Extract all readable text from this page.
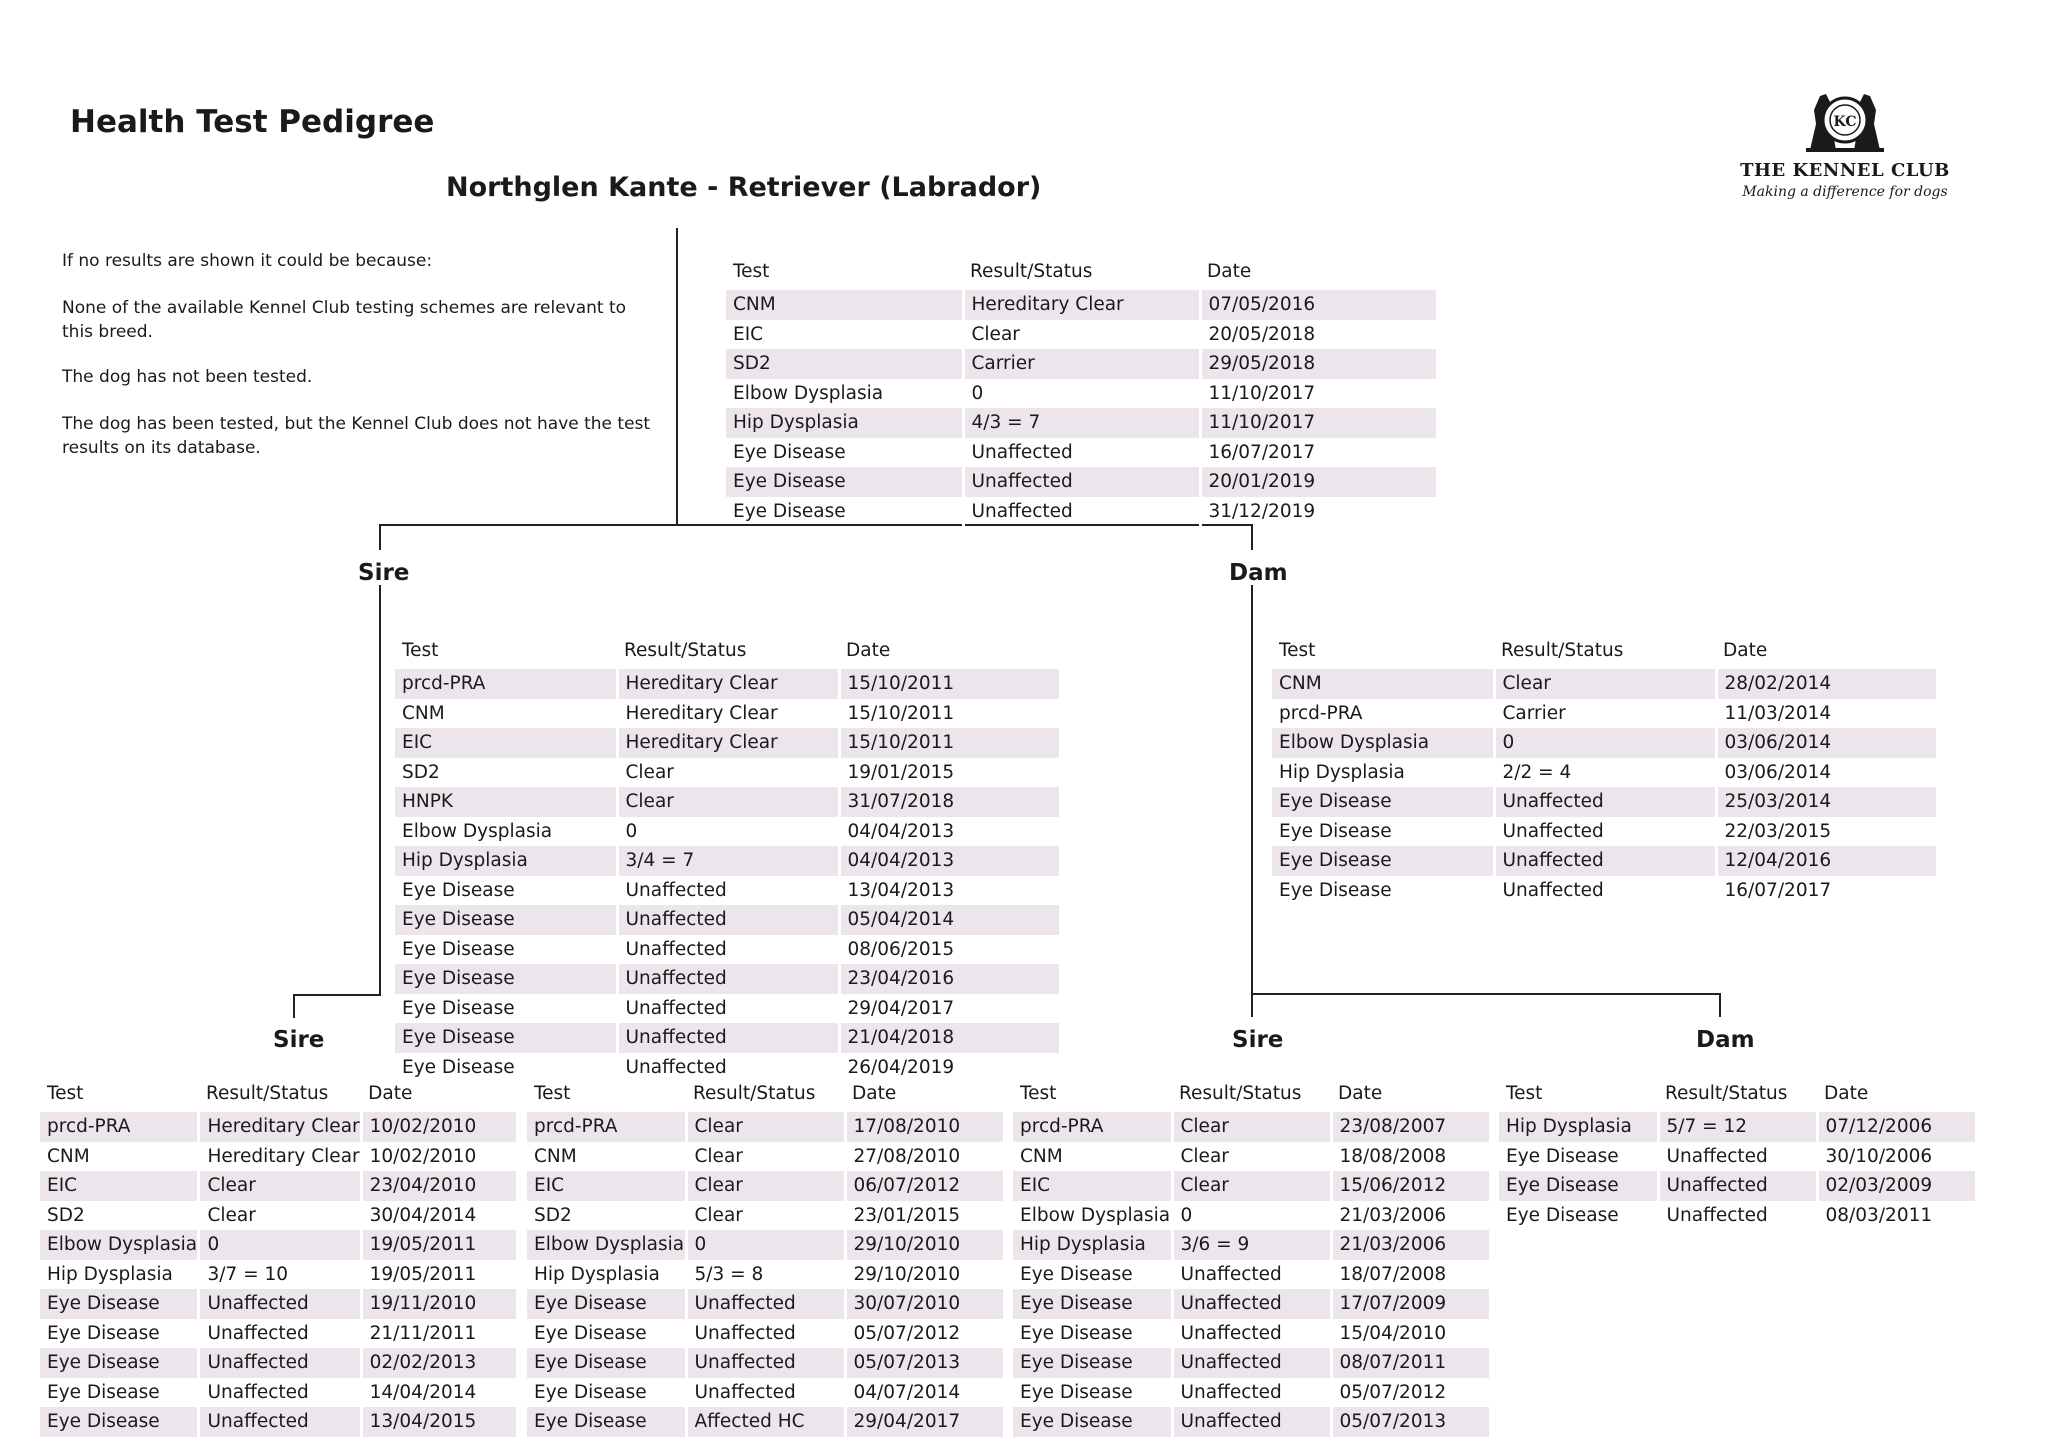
Health Test Pedigree
Northglen Kante - Retriever (Labrador)
KC
THE KENNEL CLUB
Making a difference for dogs
If no results are shown it could be because:
None of the available Kennel Club testing schemes are relevant to this breed.
The dog has not been tested.
The dog has been tested, but the Kennel Club does not have the test results on its database.
Sire	Dam
Sire	Sire	Dam
Test	Result/Status	Date
CNM	Hereditary Clear	07/05/2016
EIC	Clear	20/05/2018
SD2	Carrier	29/05/2018
Elbow Dysplasia	0	11/10/2017
Hip Dysplasia	4/3 = 7	11/10/2017
Eye Disease	Unaffected	16/07/2017
Eye Disease	Unaffected	20/01/2019
Eye Disease	Unaffected	31/12/2019
Test	Result/Status	Date
prcd-PRA	Hereditary Clear	15/10/2011
CNM	Hereditary Clear	15/10/2011
EIC	Hereditary Clear	15/10/2011
SD2	Clear	19/01/2015
HNPK	Clear	31/07/2018
Elbow Dysplasia	0	04/04/2013
Hip Dysplasia	3/4 = 7	04/04/2013
Eye Disease	Unaffected	13/04/2013
Eye Disease	Unaffected	05/04/2014
Eye Disease	Unaffected	08/06/2015
Eye Disease	Unaffected	23/04/2016
Eye Disease	Unaffected	29/04/2017
Eye Disease	Unaffected	21/04/2018
Eye Disease	Unaffected	26/04/2019
Test	Result/Status	Date
CNM	Clear	28/02/2014
prcd-PRA	Carrier	11/03/2014
Elbow Dysplasia	0	03/06/2014
Hip Dysplasia	2/2 = 4	03/06/2014
Eye Disease	Unaffected	25/03/2014
Eye Disease	Unaffected	22/03/2015
Eye Disease	Unaffected	12/04/2016
Eye Disease	Unaffected	16/07/2017
Test	Result/Status	Date
prcd-PRA	Hereditary Clear	10/02/2010
CNM	Hereditary Clear	10/02/2010
EIC	Clear	23/04/2010
SD2	Clear	30/04/2014
Elbow Dysplasia	0	19/05/2011
Hip Dysplasia	3/7 = 10	19/05/2011
Eye Disease	Unaffected	19/11/2010
Eye Disease	Unaffected	21/11/2011
Eye Disease	Unaffected	02/02/2013
Eye Disease	Unaffected	14/04/2014
Eye Disease	Unaffected	13/04/2015
Test	Result/Status	Date
prcd-PRA	Clear	17/08/2010
CNM	Clear	27/08/2010
EIC	Clear	06/07/2012
SD2	Clear	23/01/2015
Elbow Dysplasia	0	29/10/2010
Hip Dysplasia	5/3 = 8	29/10/2010
Eye Disease	Unaffected	30/07/2010
Eye Disease	Unaffected	05/07/2012
Eye Disease	Unaffected	05/07/2013
Eye Disease	Unaffected	04/07/2014
Eye Disease	Affected HC	29/04/2017
Test	Result/Status	Date
prcd-PRA	Clear	23/08/2007
CNM	Clear	18/08/2008
EIC	Clear	15/06/2012
Elbow Dysplasia	0	21/03/2006
Hip Dysplasia	3/6 = 9	21/03/2006
Eye Disease	Unaffected	18/07/2008
Eye Disease	Unaffected	17/07/2009
Eye Disease	Unaffected	15/04/2010
Eye Disease	Unaffected	08/07/2011
Eye Disease	Unaffected	05/07/2012
Eye Disease	Unaffected	05/07/2013
Test	Result/Status	Date
Hip Dysplasia	5/7 = 12	07/12/2006
Eye Disease	Unaffected	30/10/2006
Eye Disease	Unaffected	02/03/2009
Eye Disease	Unaffected	08/03/2011
